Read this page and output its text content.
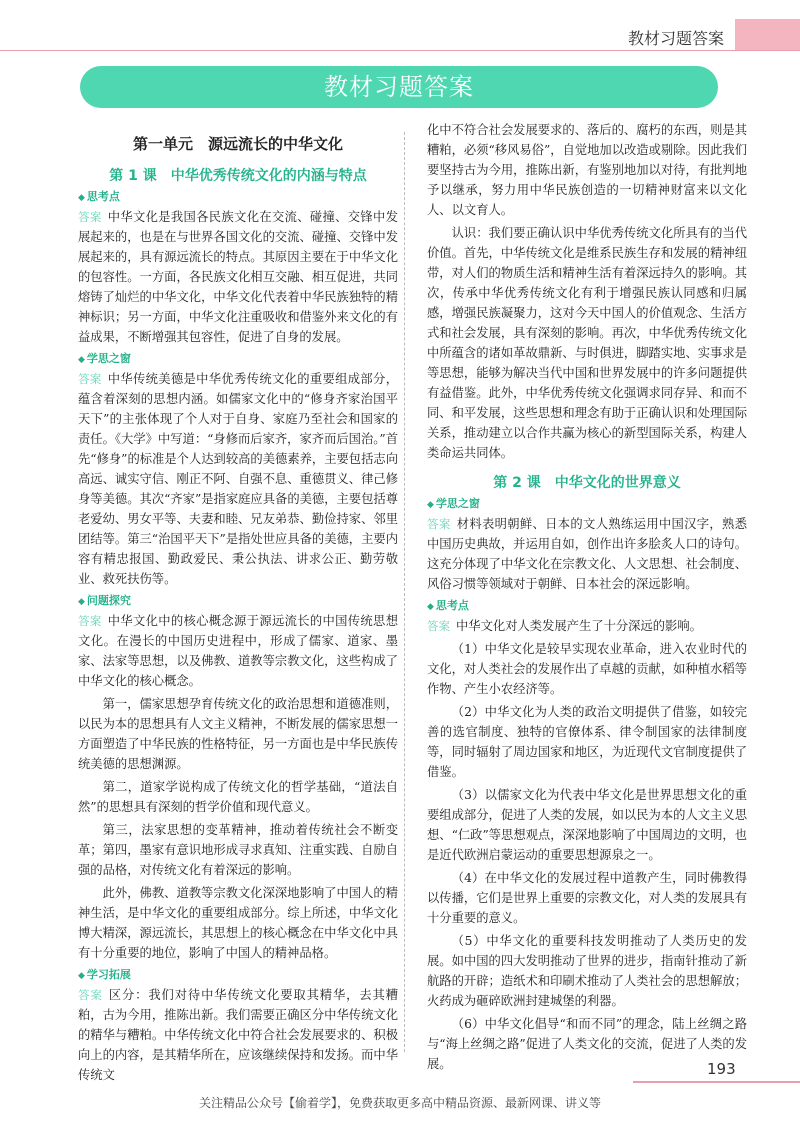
教材习题答案
教材习题答案
第一单元　源远流长的中华文化
第 1 课　中华优秀传统文化的内涵与特点
◆ 思考点

答案 中华文化是我国各民族文化在交流、碰撞、交锋中发展起来的，也是在与世界各国文化的交流、碰撞、交锋中发展起来的，具有源远流长的特点。其原因主要在于中华文化的包容性。一方面，各民族文化相互交融、相互促进，共同熔铸了灿烂的中华文化，中华文化代表着中华民族独特的精神标识；另一方面，中华文化注重吸收和借鉴外来文化的有益成果，不断增强其包容性，促进了自身的发展。

◆ 学思之窗

答案 中华传统美德是中华优秀传统文化的重要组成部分，蕴含着深刻的思想内涵。如儒家文化中的“修身齐家治国平天下”的主张体现了个人对于自身、家庭乃至社会和国家的责任。《大学》中写道：“身修而后家齐，家齐而后国治。”首先“修身”的标准是个人达到较高的美德素养，主要包括志向高远、诚实守信、刚正不阿、自强不息、重德贯义、律己修身等美德。其次“齐家”是指家庭应具备的美德，主要包括尊老爱幼、男女平等、夫妻和睦、兄友弟恭、勤俭持家、邻里团结等。第三“治国平天下”是指处世应具备的美德，主要内容有精忠报国、勤政爱民、秉公执法、讲求公正、勤劳敬业、救死扶伤等。

◆ 问题探究

答案 中华文化中的核心概念源于源远流长的中国传统思想文化。在漫长的中国历史进程中，形成了儒家、道家、墨家、法家等思想，以及佛教、道教等宗教文化，这些构成了中华文化的核心概念。

第一，儒家思想孕育传统文化的政治思想和道德准则，以民为本的思想具有人文主义精神，不断发展的儒家思想一方面塑造了中华民族的性格特征，另一方面也是中华民族传统美德的思想渊源。

第二，道家学说构成了传统文化的哲学基础，“道法自然”的思想具有深刻的哲学价值和现代意义。

第三，法家思想的变革精神，推动着传统社会不断变革；第四，墨家有意识地形成寻求真知、注重实践、自励自强的品格，对传统文化有着深远的影响。

此外，佛教、道教等宗教文化深深地影响了中国人的精神生活，是中华文化的重要组成部分。综上所述，中华文化博大精深，源远流长，其思想上的核心概念在中华文化中具有十分重要的地位，影响了中国人的精神品格。

◆ 学习拓展

答案 区分：我们对待中华传统文化要取其精华，去其糟粕，古为今用，推陈出新。我们需要正确区分中华传统文化的精华与糟粕。中华传统文化中符合社会发展要求的、积极向上的内容，是其精华所在，应该继续保持和发扬。而中华传统文

化中不符合社会发展要求的、落后的、腐朽的东西，则是其糟粕，必须“移风易俗”，自觉地加以改造或剔除。因此我们要坚持古为今用，推陈出新，有鉴别地加以对待，有批判地予以继承，努力用中华民族创造的一切精神财富来以文化人、以文育人。

认识：我们要正确认识中华优秀传统文化所具有的当代价值。首先，中华传统文化是维系民族生存和发展的精神纽带，对人们的物质生活和精神生活有着深远持久的影响。其次，传承中华优秀传统文化有利于增强民族认同感和归属感，增强民族凝聚力，这对今天中国人的价值观念、生活方式和社会发展，具有深刻的影响。再次，中华优秀传统文化中所蕴含的诸如革故鼎新、与时俱进，脚踏实地、实事求是等思想，能够为解决当代中国和世界发展中的许多问题提供有益借鉴。此外，中华优秀传统文化强调求同存异、和而不同、和平发展，这些思想和理念有助于正确认识和处理国际关系，推动建立以合作共赢为核心的新型国际关系，构建人类命运共同体。

第 2 课　中华文化的世界意义
◆ 学思之窗

答案 材料表明朝鲜、日本的文人熟练运用中国汉字，熟悉中国历史典故，并运用自如，创作出许多脍炙人口的诗句。这充分体现了中华文化在宗教文化、人文思想、社会制度、风俗习惯等领域对于朝鲜、日本社会的深远影响。

◆ 思考点

答案 中华文化对人类发展产生了十分深远的影响。

（1）中华文化是较早实现农业革命，进入农业时代的文化，对人类社会的发展作出了卓越的贡献，如种植水稻等作物、产生小农经济等。

（2）中华文化为人类的政治文明提供了借鉴，如较完善的选官制度、独特的官僚体系、律令制国家的法律制度等，同时辐射了周边国家和地区，为近现代文官制度提供了借鉴。

（3）以儒家文化为代表中华文化是世界思想文化的重要组成部分，促进了人类的发展，如以民为本的人文主义思想、“仁政”等思想观点，深深地影响了中国周边的文明，也是近代欧洲启蒙运动的重要思想源泉之一。

（4）在中华文化的发展过程中道教产生，同时佛教得以传播，它们是世界上重要的宗教文化，对人类的发展具有十分重要的意义。

（5）中华文化的重要科技发明推动了人类历史的发展。如中国的四大发明推动了世界的进步，指南针推动了新航路的开辟；造纸术和印刷术推动了人类社会的思想解放；火药成为砸碎欧洲封建城堡的利器。

（6）中华文化倡导“和而不同”的理念，陆上丝绸之路与“海上丝绸之路”促进了人类文化的交流，促进了人类的发展。	193
关注精品公众号【偷着学】，免费获取更多高中精品资源、最新网课、讲义等
